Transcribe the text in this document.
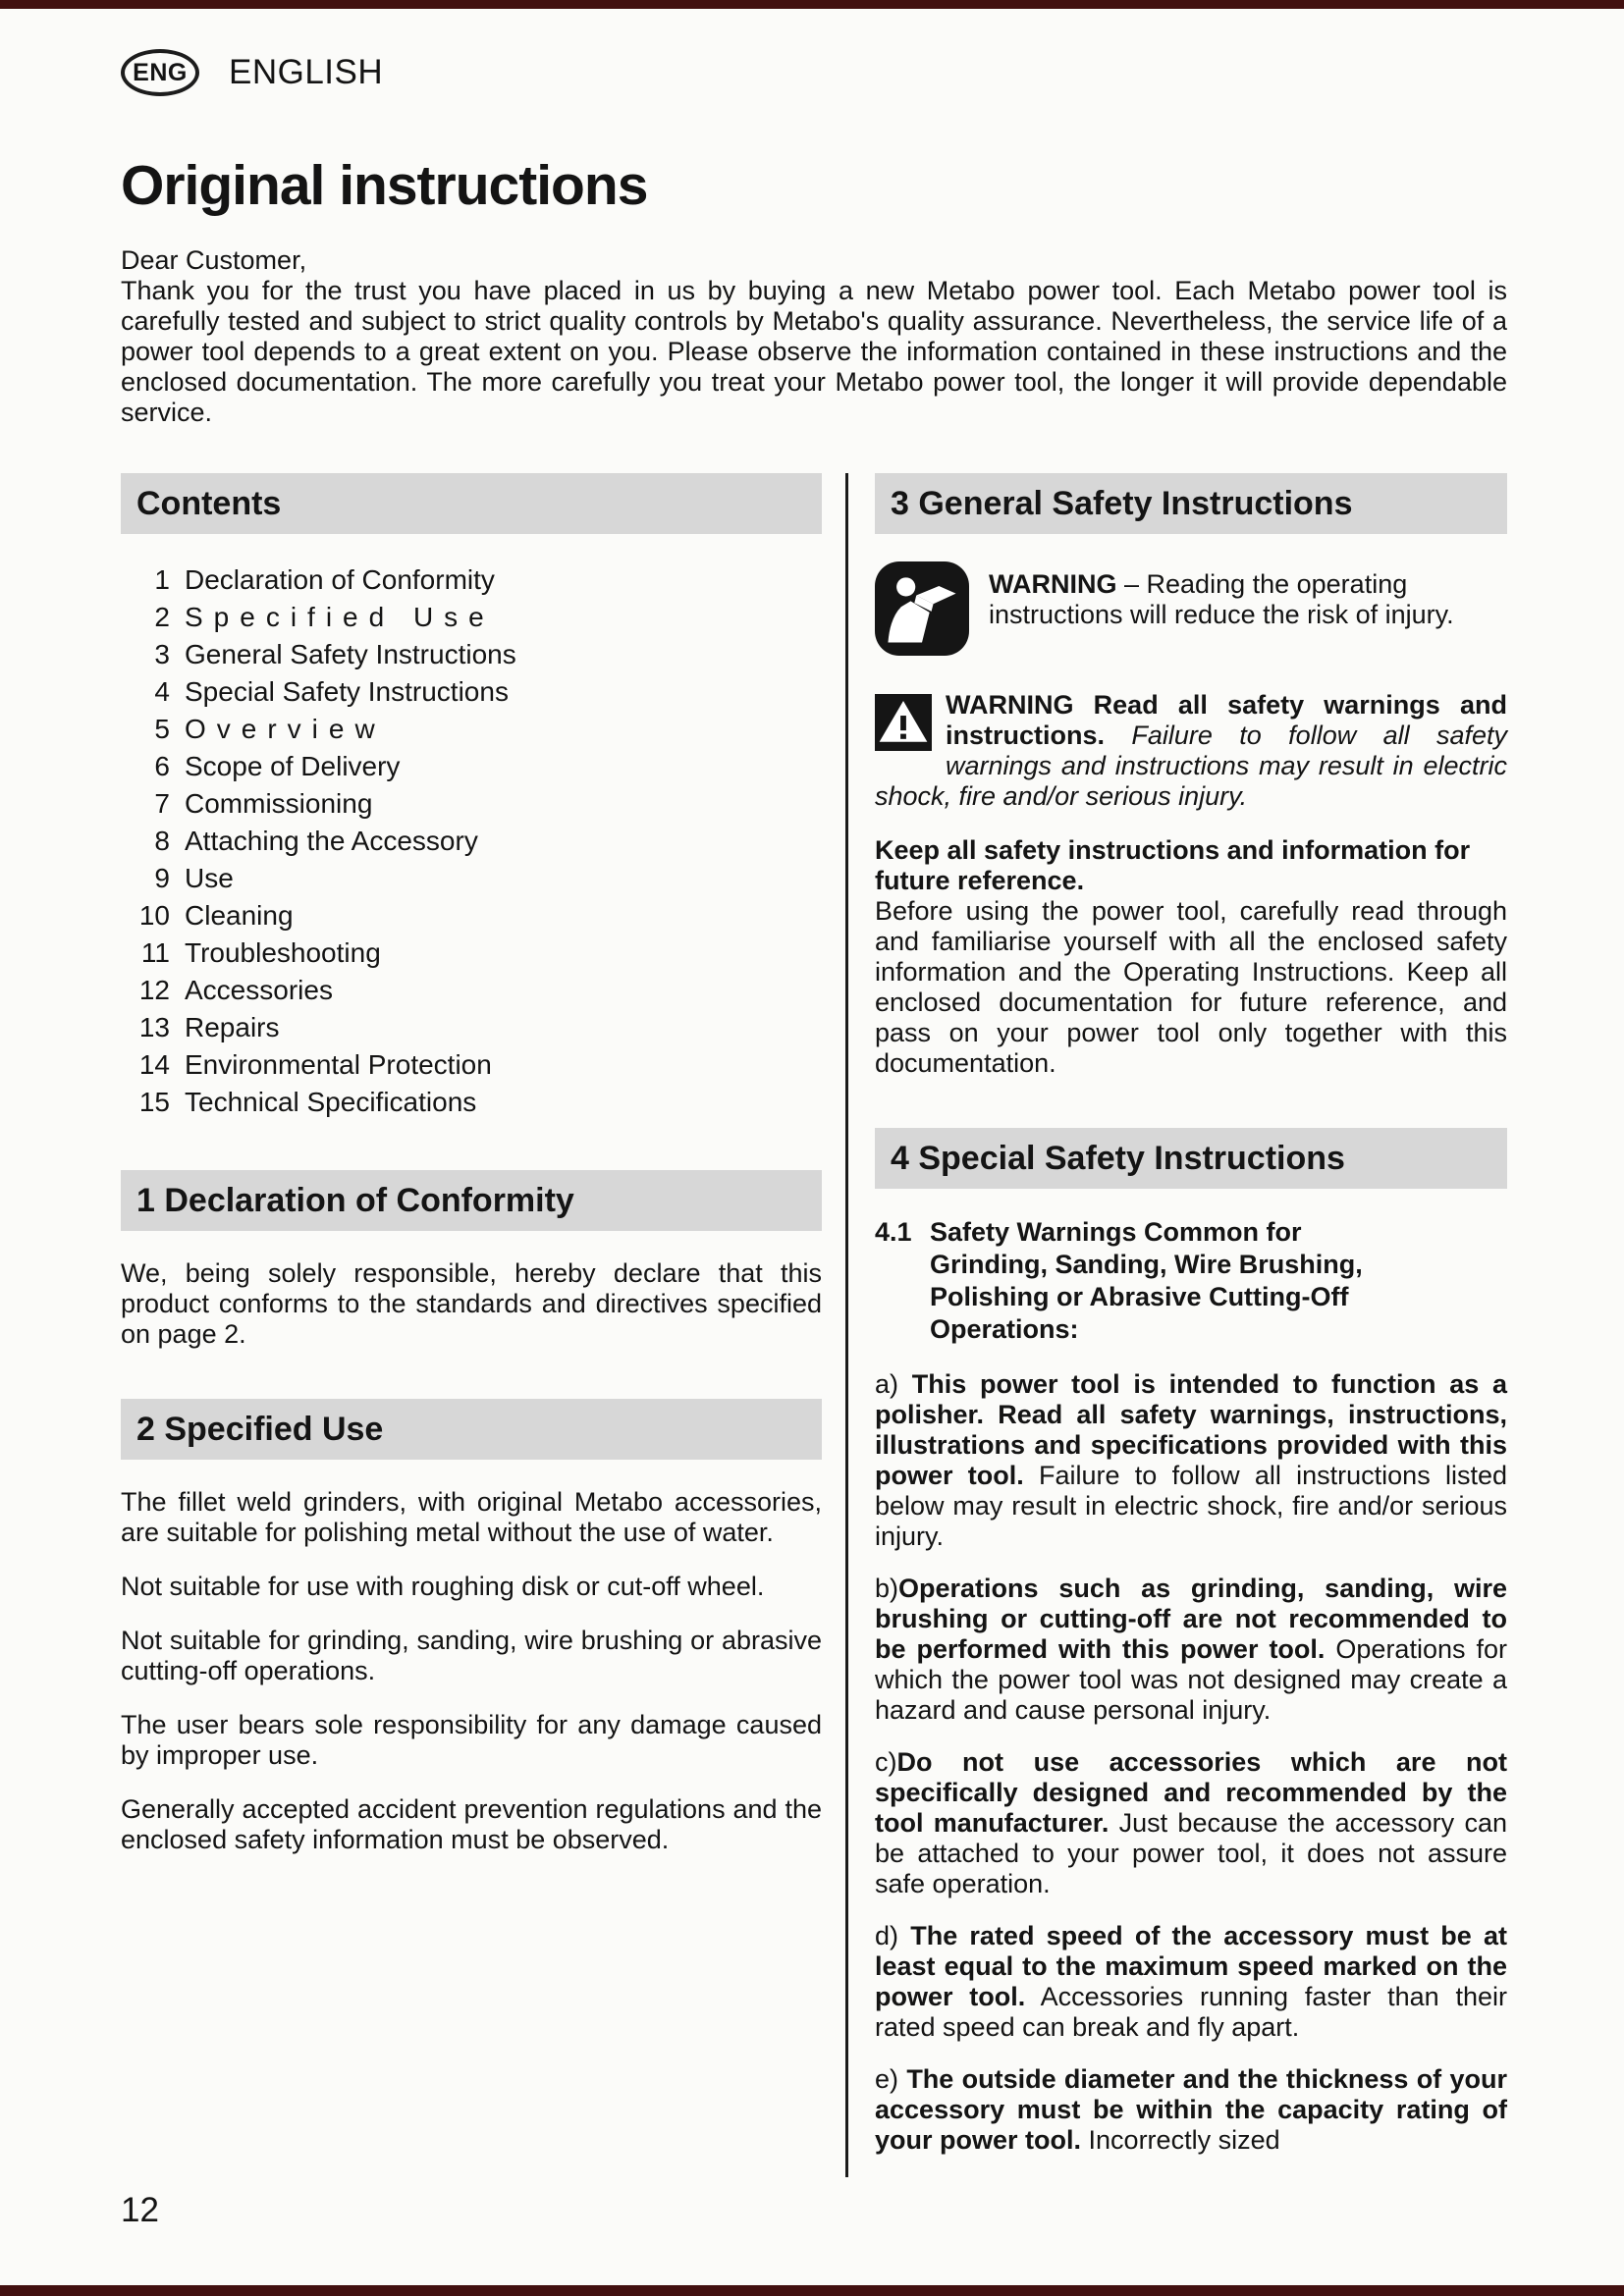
ENG	ENGLISH
Original instructions

Dear Customer,

Thank you for the trust you have placed in us by buying a new Metabo power tool. Each Metabo power tool is carefully tested and subject to strict quality controls by Metabo's quality assurance. Nevertheless, the service life of a power tool depends to a great extent on you. Please observe the information contained in these instructions and the enclosed documentation. The more carefully you treat your Metabo power tool, the longer it will provide dependable service.

Contents
1 Declaration of Conformity
2 Specified Use
3 General Safety Instructions
4 Special Safety Instructions
5 Overview
6 Scope of Delivery
7 Commissioning
8 Attaching the Accessory
9 Use
10 Cleaning
11 Troubleshooting
12 Accessories
13 Repairs
14 Environmental Protection
15 Technical Specifications
1 Declaration of Conformity

We, being solely responsible, hereby declare that this product conforms to the standards and directives specified on page 2.

2 Specified Use

The fillet weld grinders, with original Metabo accessories, are suitable for polishing metal without the use of water.

Not suitable for use with roughing disk or cut-off wheel.

Not suitable for grinding, sanding, wire brushing or abrasive cutting-off operations.

The user bears sole responsibility for any damage caused by improper use.

Generally accepted accident prevention regulations and the enclosed safety information must be observed.

3 General Safety Instructions

WARNING – Reading the operating instructions will reduce the risk of injury.

WARNING Read all safety warnings and instructions. Failure to follow all safety warnings and instructions may result in electric shock, fire and/or serious injury.

Keep all safety instructions and information for future reference.

Before using the power tool, carefully read through and familiarise yourself with all the enclosed safety information and the Operating Instructions. Keep all enclosed documentation for future reference, and pass on your power tool only together with this documentation.

4 Special Safety Instructions
4.1 Safety Warnings Common for Grinding, Sanding, Wire Brushing, Polishing or Abrasive Cutting-Off Operations:

a) This power tool is intended to function as a polisher. Read all safety warnings, instructions, illustrations and specifications provided with this power tool. Failure to follow all instructions listed below may result in electric shock, fire and/or serious injury.

b)Operations such as grinding, sanding, wire brushing or cutting-off are not recommended to be performed with this power tool. Operations for which the power tool was not designed may create a hazard and cause personal injury.

c)Do not use accessories which are not specifically designed and recommended by the tool manufacturer. Just because the accessory can be attached to your power tool, it does not assure safe operation.

d) The rated speed of the accessory must be at least equal to the maximum speed marked on the power tool. Accessories running faster than their rated speed can break and fly apart.

e) The outside diameter and the thickness of your accessory must be within the capacity rating of your power tool. Incorrectly sized

12
